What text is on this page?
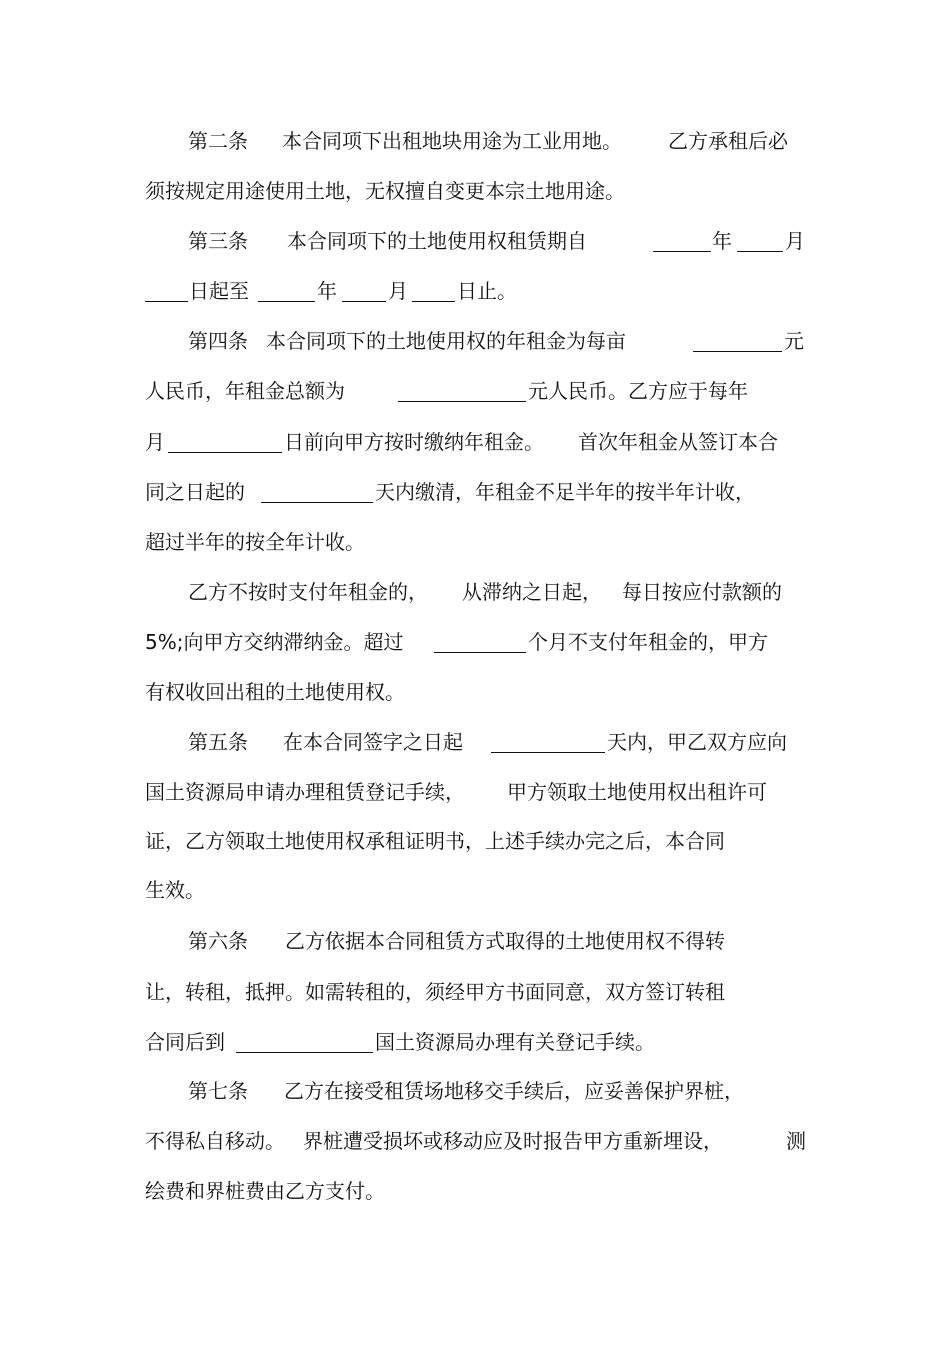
第二条 本合同项下出租地块用途为工业用地。 乙方承租后必
须按规定用途使用土地，无权擅自变更本宗土地用途。
第三条 本合同项下的土地使用权租赁期自	年	月
日起至	年	月 日止。
第四条 本合同项下的土地使用权的年租金为每亩	元
人民币，年租金总额为	元人民币。乙方应于每年
月	日前向甲方按时缴纳年租金。 首次年租金从签订本合
同之日起的	天内缴清，年租金不足半年的按半年计收，
超过半年的按全年计收。
乙方不按时支付年租金的， 从滞纳之日起， 每日按应付款额的
5%;向甲方交纳滞纳金。超过	个月不支付年租金的，甲方
有权收回出租的土地使用权。
第五条 在本合同签字之日起	天内，甲乙双方应向
国土资源局申请办理租赁登记手续， 甲方领取土地使用权出租许可
证，乙方领取土地使用权承租证明书，上述手续办完之后，本合同
生效。
第六条 乙方依据本合同租赁方式取得的土地使用权不得转
让，转租，抵押。如需转租的，须经甲方书面同意，双方签订转租
合同后到	国土资源局办理有关登记手续。
第七条 乙方在接受租赁场地移交手续后，应妥善保护界桩，
不得私自移动。 界桩遭受损坏或移动应及时报告甲方重新埋设，	测
绘费和界桩费由乙方支付。
